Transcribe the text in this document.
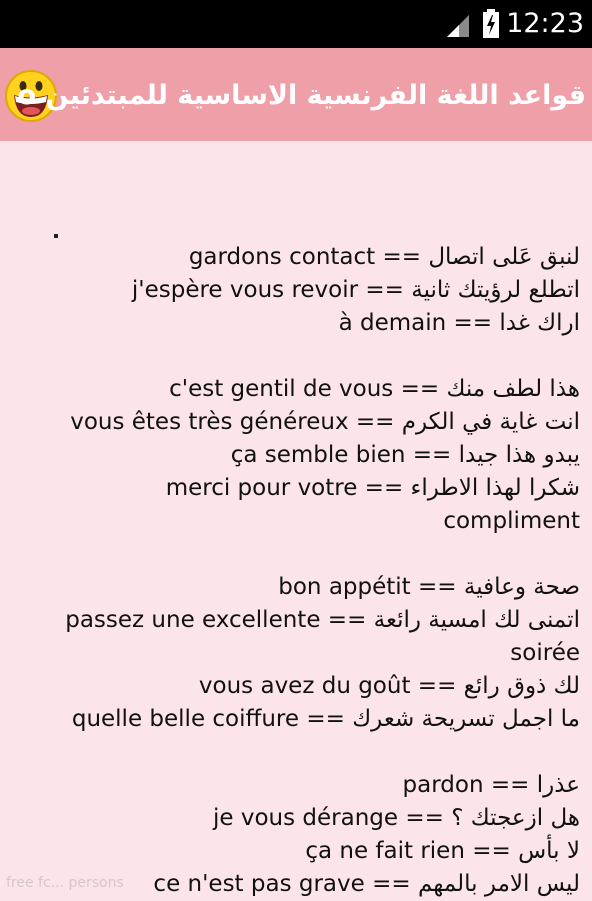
12:23
قواعد اللغة الفرنسية الاساسية للمبتدئين o
لنبق عَلى اتصال == gardons contact
اتطلع لرؤيتك ثانية == j'espère vous revoir
اراك غدا == à demain
هذا لطف منك == c'est gentil de vous
انت غاية في الكرم == vous êtes très généreux
يبدو هذا جيدا == ça semble bien
شكرا لهذا الاطراء == merci pour votre
compliment
صحة وعافية == bon appétit
اتمنى لك امسية رائعة == passez une excellente
soirée
لك ذوق رائع == vous avez du goût
ما اجمل تسريحة شعرك == quelle belle coiffure
عذرا == pardon
هل ازعجتك ؟ == je vous dérange
لا بأس == ça ne fait rien
ليس الامر بالمهم == ce n'est pas grave
free fc... persons
